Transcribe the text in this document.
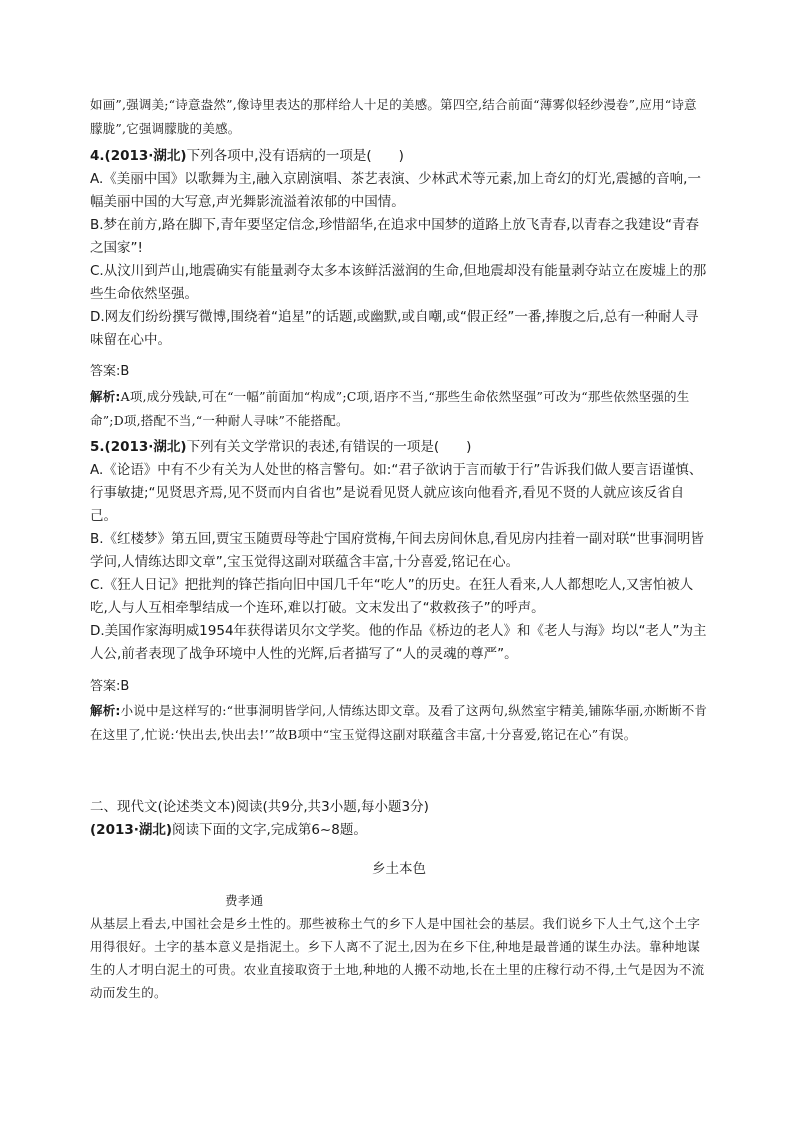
如画”,强调美;“诗意盎然”,像诗里表达的那样给人十足的美感。第四空,结合前面“薄雾似轻纱漫卷”,应用“诗意朦胧”,它强调朦胧的美感。
4.(2013·湖北)下列各项中,没有语病的一项是(　　)
A.《美丽中国》以歌舞为主,融入京剧演唱、茶艺表演、少林武术等元素,加上奇幻的灯光,震撼的音响,一幅美丽中国的大写意,声光舞影流溢着浓郁的中国情。
B.梦在前方,路在脚下,青年要坚定信念,珍惜韶华,在追求中国梦的道路上放飞青春,以青春之我建设“青春之国家”!
C.从汶川到芦山,地震确实有能量剥夺太多本该鲜活滋润的生命,但地震却没有能量剥夺站立在废墟上的那些生命依然坚强。
D.网友们纷纷撰写微博,围绕着“追星”的话题,或幽默,或自嘲,或“假正经”一番,捧腹之后,总有一种耐人寻味留在心中。
答案:B
解析:A项,成分残缺,可在“一幅”前面加“构成”;C项,语序不当,“那些生命依然坚强”可改为“那些依然坚强的生命”;D项,搭配不当,“一种耐人寻味”不能搭配。
5.(2013·湖北)下列有关文学常识的表述,有错误的一项是(　　)
A.《论语》中有不少有关为人处世的格言警句。如:“君子欲讷于言而敏于行”告诉我们做人要言语谨慎、行事敏捷;“见贤思齐焉,见不贤而内自省也”是说看见贤人就应该向他看齐,看见不贤的人就应该反省自己。
B.《红楼梦》第五回,贾宝玉随贾母等赴宁国府赏梅,午间去房间休息,看见房内挂着一副对联“世事洞明皆学问,人情练达即文章”,宝玉觉得这副对联蕴含丰富,十分喜爱,铭记在心。
C.《狂人日记》把批判的锋芒指向旧中国几千年“吃人”的历史。在狂人看来,人人都想吃人,又害怕被人吃,人与人互相牵掣结成一个连环,难以打破。文末发出了“救救孩子”的呼声。
D.美国作家海明威1954年获得诺贝尔文学奖。他的作品《桥边的老人》和《老人与海》均以“老人”为主人公,前者表现了战争环境中人性的光辉,后者描写了“人的灵魂的尊严”。
答案:B
解析:小说中是这样写的:“世事洞明皆学问,人情练达即文章。及看了这两句,纵然室宇精美,铺陈华丽,亦断断不肯在这里了,忙说:‘快出去,快出去!’”故B项中“宝玉觉得这副对联蕴含丰富,十分喜爱,铭记在心”有误。
二、现代文(论述类文本)阅读(共9分,共3小题,每小题3分)
(2013·湖北)阅读下面的文字,完成第6~8题。
乡土本色
费孝通
从基层上看去,中国社会是乡土性的。那些被称土气的乡下人是中国社会的基层。我们说乡下人土气,这个土字用得很好。土字的基本意义是指泥土。乡下人离不了泥土,因为在乡下住,种地是最普通的谋生办法。靠种地谋生的人才明白泥土的可贵。农业直接取资于土地,种地的人搬不动地,长在土里的庄稼行动不得,土气是因为不流动而发生的。
